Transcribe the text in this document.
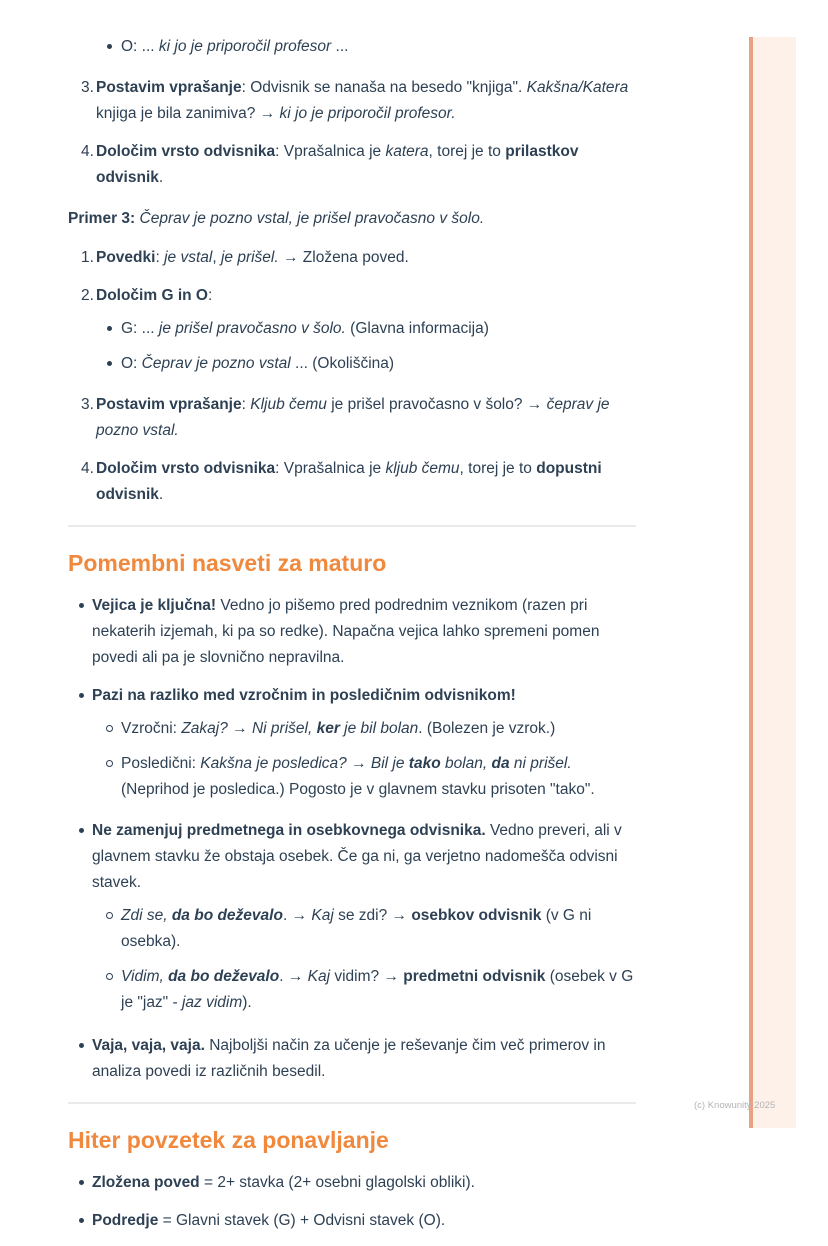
O: ... ki jo je priporočil profesor ...
3. Postavim vprašanje: Odvisnik se nanaša na besedo "knjiga". Kakšna/Katera knjiga je bila zanimiva? → ki jo je priporočil profesor.
4. Določim vrsto odvisnika: Vprašalnica je katera, torej je to prilastkov odvisnik.
Primer 3: Čeprav je pozno vstal, je prišel pravočasno v šolo.
1. Povedki: je vstal, je prišel. → Zložena poved.
2. Določim G in O:
G: ... je prišel pravočasno v šolo. (Glavna informacija)
O: Čeprav je pozno vstal ... (Okoliščina)
3. Postavim vprašanje: Kljub čemu je prišel pravočasno v šolo? → čeprav je pozno vstal.
4. Določim vrsto odvisnika: Vprašalnica je kljub čemu, torej je to dopustni odvisnik.
Pomembni nasveti za maturo
Vejica je ključna! Vedno jo pišemo pred podrednim veznikom (razen pri nekaterih izjemah, ki pa so redke). Napačna vejica lahko spremeni pomen povedi ali pa je slovnično nepravilna.
Pazi na razliko med vzročnim in posledičnim odvisnikom!
Vzročni: Zakaj? → Ni prišel, ker je bil bolan. (Bolezen je vzrok.)
Posledični: Kakšna je posledica? → Bil je tako bolan, da ni prišel. (Neprihod je posledica.) Pogosto je v glavnem stavku prisoten "tako".
Ne zamenjuj predmetnega in osebkovnega odvisnika. Vedno preveri, ali v glavnem stavku že obstaja osebek. Če ga ni, ga verjetno nadomešča odvisni stavek.
Zdi se, da bo deževalo. → Kaj se zdi? → osebkov odvisnik (v G ni osebka).
Vidim, da bo deževalo. → Kaj vidim? → predmetni odvisnik (osebek v G je "jaz" - jaz vidim).
Vaja, vaja, vaja. Najboljši način za učenje je reševanje čim več primerov in analiza povedi iz različnih besedil.
Hiter povzetek za ponavljanje
Zložena poved = 2+ stavka (2+ osebni glagolski obliki).
Podredje = Glavni stavek (G) + Odvisni stavek (O).
(c) Knowunity 2025
